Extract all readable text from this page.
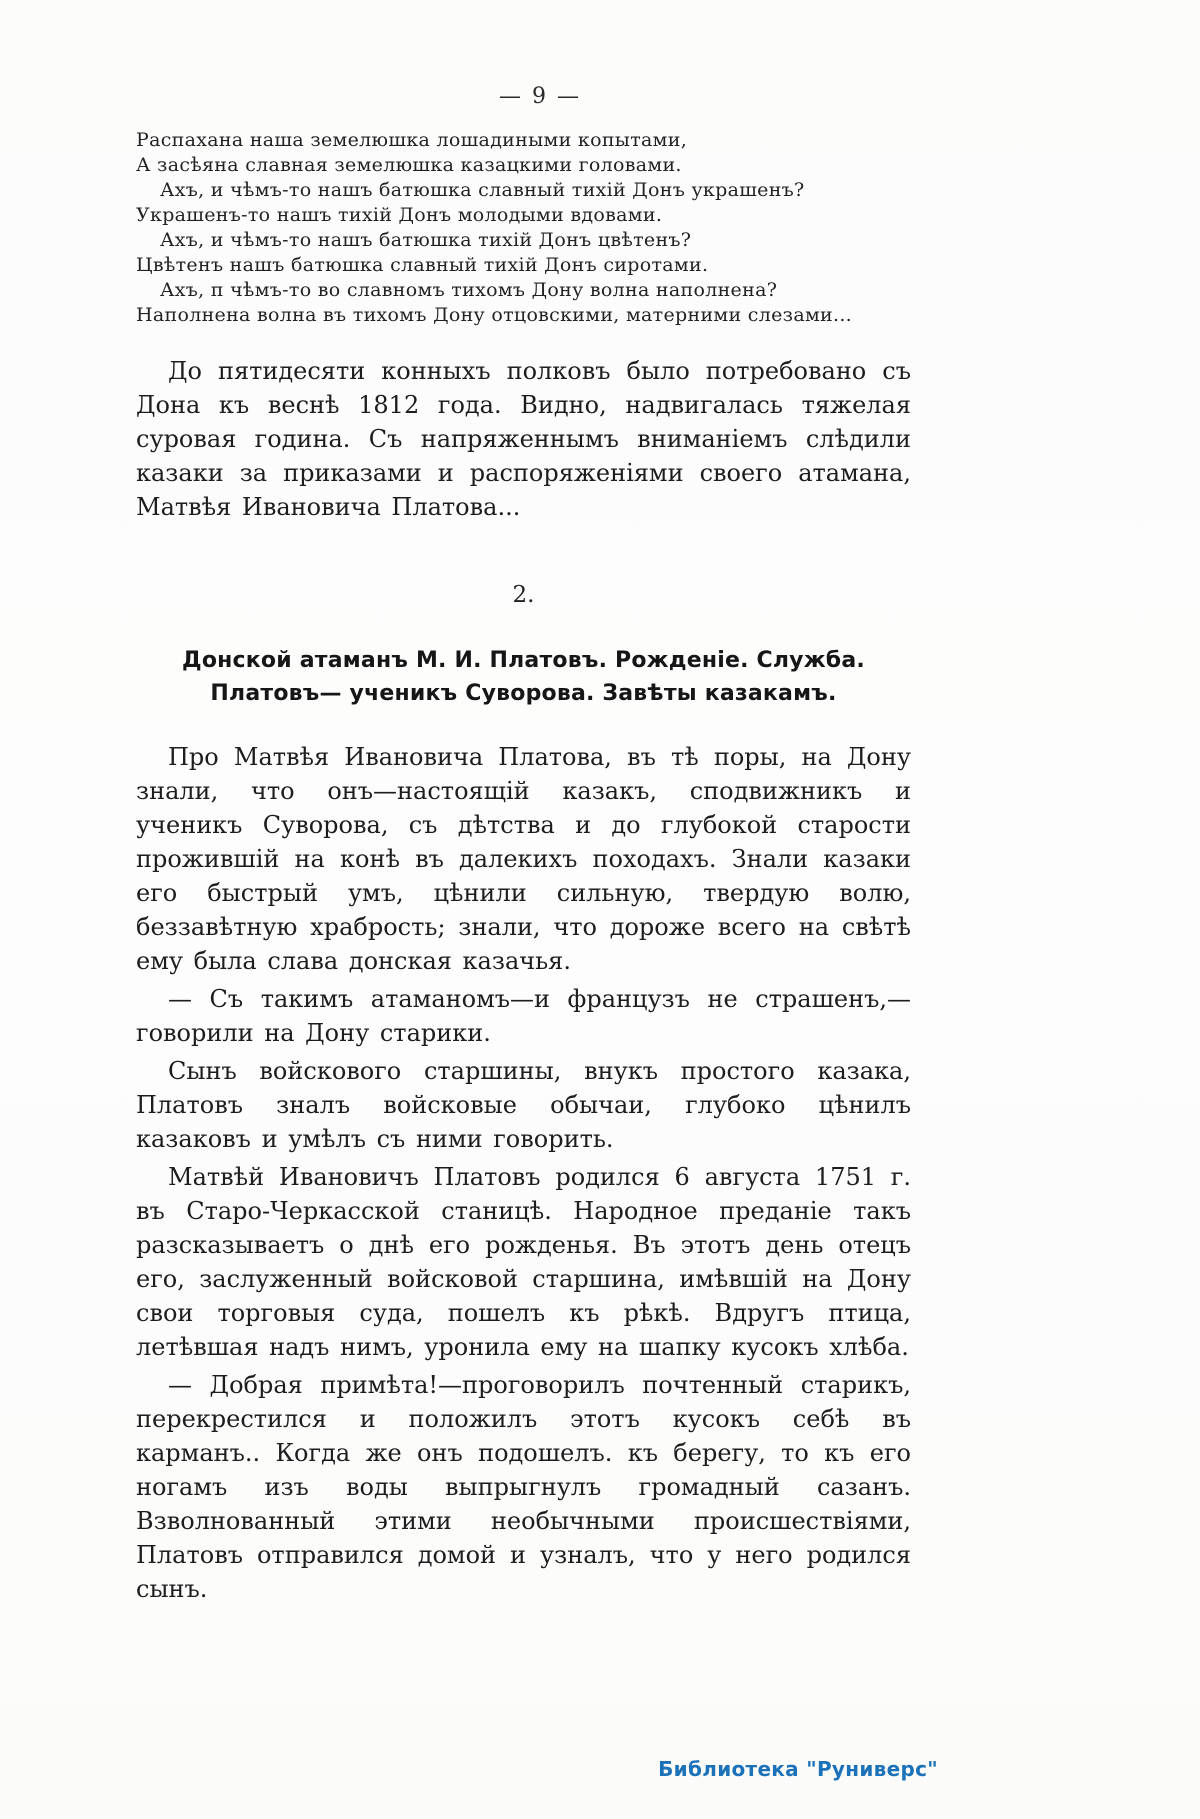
— 9 —
Распахана наша земелюшка лошадиными копытами,
А засѣяна славная земелюшка казацкими головами.
Ахъ, и чѣмъ-то нашъ батюшка славный тихій Донъ украшенъ?
Украшенъ-то нашъ тихій Донъ молодыми вдовами.
Ахъ, и чѣмъ-то нашъ батюшка тихій Донъ цвѣтенъ?
Цвѣтенъ нашъ батюшка славный тихій Донъ сиротами.
Ахъ, п чѣмъ-то во славномъ тихомъ Дону волна наполнена?
Наполнена волна въ тихомъ Дону отцовскими, матерними слезами...

До пятидесяти конныхъ полковъ было потребовано съ Дона къ веснѣ 1812 года. Видно, надвигалась тяжелая суровая година. Съ напряженнымъ вниманіемъ слѣдили казаки за приказами и распоряженіями своего атамана, Матвѣя Ивановича Платова...

2.
Донской атаманъ М. И. Платовъ. Рожденіе. Служба. Платовъ— ученикъ Суворова. Завѣты казакамъ.

Про Матвѣя Ивановича Платова, въ тѣ поры, на Дону знали, что онъ—настоящій казакъ, сподвижникъ и ученикъ Суворова, съ дѣтства и до глубокой старости прожившій на конѣ въ далекихъ походахъ. Знали казаки его быстрый умъ, цѣнили сильную, твердую волю, беззавѣтную храбрость; знали, что дороже всего на свѣтѣ ему была слава донская казачья.

— Съ такимъ атаманомъ—и французъ не страшенъ,— говорили на Дону старики.

Сынъ войскового старшины, внукъ простого казака, Платовъ зналъ войсковые обычаи, глубоко цѣнилъ казаковъ и умѣлъ съ ними говорить.

Матвѣй Ивановичъ Платовъ родился 6 августа 1751 г. въ Старо-Черкасской станицѣ. Народное преданіе такъ разсказываетъ о днѣ его рожденья. Въ этотъ день отецъ его, заслуженный войсковой старшина, имѣвшій на Дону свои торговыя суда, пошелъ къ рѣкѣ. Вдругъ птица, летѣвшая надъ нимъ, уронила ему на шапку кусокъ хлѣба.

— Добрая примѣта!—проговорилъ почтенный старикъ, перекрестился и положилъ этотъ кусокъ себѣ въ карманъ.. Когда же онъ подошелъ. къ берегу, то къ его ногамъ изъ воды выпрыгнулъ громадный сазанъ. Взволнованный этими необычными происшествіями, Платовъ отправился домой и узналъ, что у него родился сынъ.

Библиотека "Руниверс"
